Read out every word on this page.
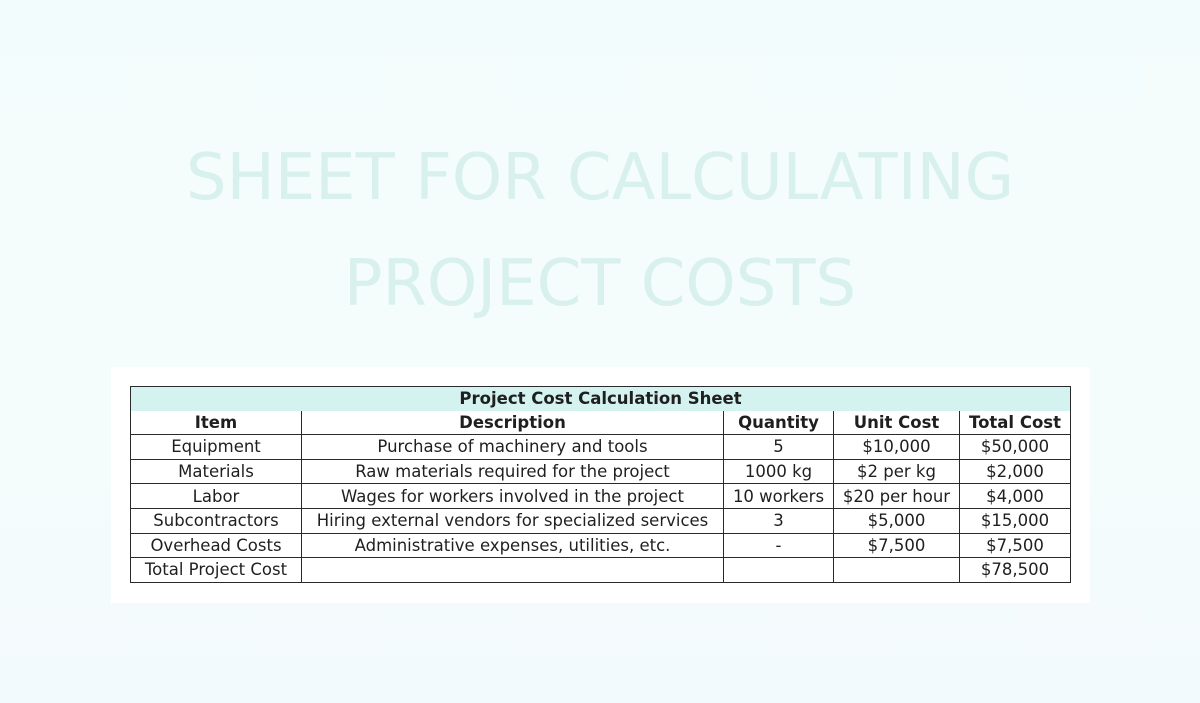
SHEET FOR CALCULATING
PROJECT COSTS
Project Cost Calculation Sheet				
Item	Description	Quantity	Unit Cost	Total Cost
Equipment	Purchase of machinery and tools	5	$10,000	$50,000
Materials	Raw materials required for the project	1000 kg	$2 per kg	$2,000
Labor	Wages for workers involved in the project	10 workers	$20 per hour	$4,000
Subcontractors	Hiring external vendors for specialized services	3	$5,000	$15,000
Overhead Costs	Administrative expenses, utilities, etc.	-	$7,500	$7,500
Total Project Cost				$78,500
